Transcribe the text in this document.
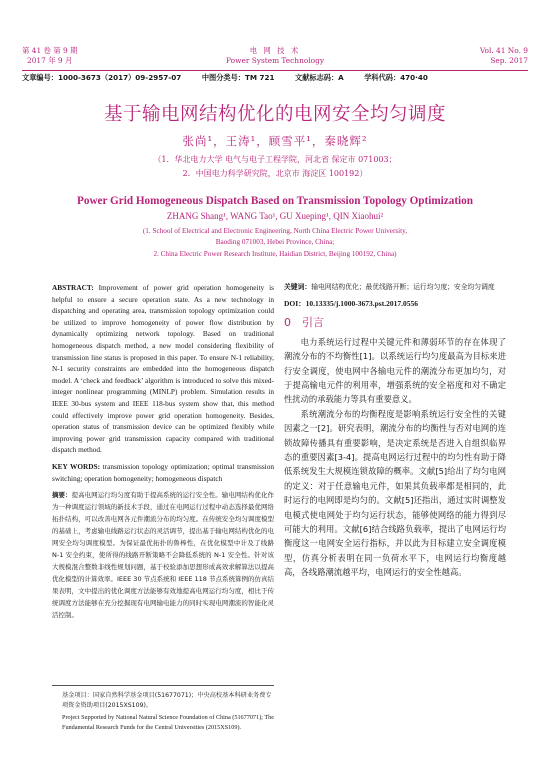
第 41 卷 第 9 期
2017 年 9 月
电 网 技 术
Power System Technology
Vol. 41 No. 9
Sep. 2017
文章编号：1000-3673（2017）09-2957-07	中图分类号：TM 721	文献标志码：A	学科代码：470·40
基于输电网结构优化的电网安全均匀调度
张尚¹，王涛¹，顾雪平¹，秦晓辉²
（1．华北电力大学 电气与电子工程学院，河北省 保定市 071003；
2．中国电力科学研究院，北京市 海淀区 100192）
Power Grid Homogeneous Dispatch Based on Transmission Topology Optimization
ZHANG Shang¹, WANG Tao¹, GU Xueping¹, QIN Xiaohui²
(1. School of Electrical and Electronic Engineering, North China Electric Power University,
Baoding 071003, Hebei Province, China;
2. China Electric Power Research Institute, Haidian District, Beijing 100192, China)
ABSTRACT: Improvement of power grid operation homogeneity is helpful to ensure a secure operation state. As a new technology in dispatching and operating area, transmission topology optimization could be utilized to improve homogeneity of power flow distribution by dynamically optimizing network topology. Based on traditional homogeneous dispatch method, a new model considering flexibility of transmission line status is proposed in this paper. To ensure N-1 reliability, N-1 security constraints are embedded into the homogeneous dispatch model. A ‘check and feedback’ algorithm is introduced to solve this mixed-integer nonlinear programming (MINLP) problem. Simulation results in IEEE 30-bus system and IEEE 118-bus system show that, this method could effectively improve power grid operation homogeneity. Besides, operation status of transmission device can be optimized flexibly while improving power grid transmission capacity compared with traditional dispatch method.
KEY WORDS: transmission topology optimization; optimal transmission switching; operation homogeneity; homogeneous dispatch
摘要：提高电网运行均匀度有助于提高系统的运行安全性。输电网结构优化作为一种调度运行领域的新技术手段，通过在电网运行过程中动态选择最优网络拓扑结构，可以改善电网各元件潮流分布的均匀度。在传统安全均匀调度模型的基础上，考虑输电线路运行状态的灵活调节，提出基于输电网结构优化的电网安全均匀调度模型。为保证最优拓扑的鲁棒性，在优化模型中计及了线路 N-1 安全约束，使所得的线路开断策略不会降低系统的 N-1 安全性。针对该大规模混合整数非线性规划问题，基于校验添加思想形成高效求解算法以提高优化模型的计算效率。IEEE 30 节点系统和 IEEE 118 节点系统算例的仿真结果表明，文中提出的优化调度方法能够有效地提高电网运行均匀度，相比于传统调度方法能够在充分挖掘现有电网输电能力的同时实现电网潮流的智能化灵活控制。
基金项目：国家自然科学基金项目(51677071)；中央高校基本科研业务费专项资金资助项目(2015XS109)。
Project Supported by National Natural Science Foundation of China (51677071); The Fundamental Research Funds for the Central Universities (2015XS109).
关键词：输电网结构优化；最优线路开断；运行均匀度；安全均匀调度
DOI：10.13335/j.1000-3673.pst.2017.0556
0　引言

电力系统运行过程中关键元件和薄弱环节的存在体现了潮流分布的不均衡性[1]。以系统运行均匀度最高为目标来进行安全调度，使电网中各输电元件的潮流分布更加均匀，对于提高输电元件的利用率，增强系统的安全裕度和对不确定性扰动的承载能力等具有重要意义。

系统潮流分布的均衡程度是影响系统运行安全性的关键因素之一[2]。研究表明，潮流分布的均衡性与否对电网的连锁故障传播具有重要影响，是决定系统是否进入自组织临界态的重要因素[3-4]。提高电网运行过程中的均匀性有助于降低系统发生大规模连锁故障的概率。文献[5]给出了均匀电网的定义：对于任意输电元件，如果其负载率都是相同的，此时运行的电网即是均匀的。文献[5]还指出，通过实时调整发电模式使电网处于均匀运行状态，能够使网络的能力得到尽可能大的利用。文献[6]结合线路负载率，提出了电网运行均衡度这一电网安全运行指标，并以此为目标建立安全调度模型，仿真分析表明在同一负荷水平下，电网运行均衡度越高，各线路潮流越平均，电网运行的安全性越高。
